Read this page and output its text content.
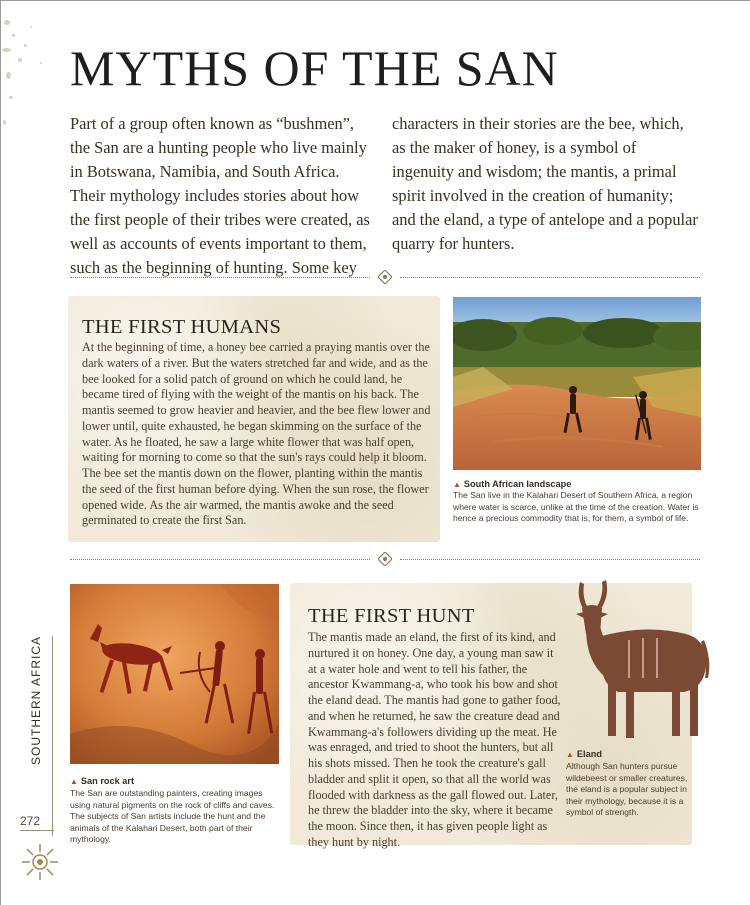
MYTHS OF THE SAN

Part of a group often known as “bushmen”, the San are a hunting people who live mainly in Botswana, Namibia, and South Africa. Their mythology includes stories about how the first people of their tribes were created, as well as accounts of events important to them, such as the beginning of hunting. Some key characters in their stories are the bee, which, as the maker of honey, is a symbol of ingenuity and wisdom; the mantis, a primal spirit involved in the creation of humanity; and the eland, a type of antelope and a popular quarry for hunters.

THE FIRST HUMANS
At the beginning of time, a honey bee carried a praying mantis over the dark waters of a river. But the waters stretched far and wide, and as the bee looked for a solid patch of ground on which he could land, he became tired of flying with the weight of the mantis on his back. The mantis seemed to grow heavier and heavier, and the bee flew lower and lower until, quite exhausted, he began skimming on the surface of the water. As he floated, he saw a large white flower that was half open, waiting for morning to come so that the sun's rays could help it bloom. The bee set the mantis down on the flower, planting within the mantis the seed of the first human before dying. When the sun rose, the flower opened wide. As the air warmed, the mantis awoke and the seed germinated to create the first San.
▲ South African landscape
The San live in the Kalahari Desert of Southern Africa, a region where water is scarce, unlike at the time of the creation. Water is hence a precious commodity that is, for them, a symbol of life.
▲ San rock art
The San are outstanding painters, creating images using natural pigments on the rock of cliffs and caves. The subjects of San artists include the hunt and the animals of the Kalahari Desert, both part of their mythology.
THE FIRST HUNT
The mantis made an eland, the first of its kind, and nurtured it on honey. One day, a young man saw it at a water hole and went to tell his father, the ancestor Kwammang-a, who took his bow and shot the eland dead. The mantis had gone to gather food, and when he returned, he saw the creature dead and Kwammang-a's followers dividing up the meat. He was enraged, and tried to shoot the hunters, but all his shots missed. Then he took the creature's gall bladder and split it open, so that all the world was flooded with darkness as the gall flowed out. Later, he threw the bladder into the sky, where it became the moon. Since then, it has given people light as they hunt by night.
▲ Eland
Although San hunters pursue wildebeest or smaller creatures, the eland is a popular subject in their mythology, because it is a symbol of strength.
SOUTHERN AFRICA
272
